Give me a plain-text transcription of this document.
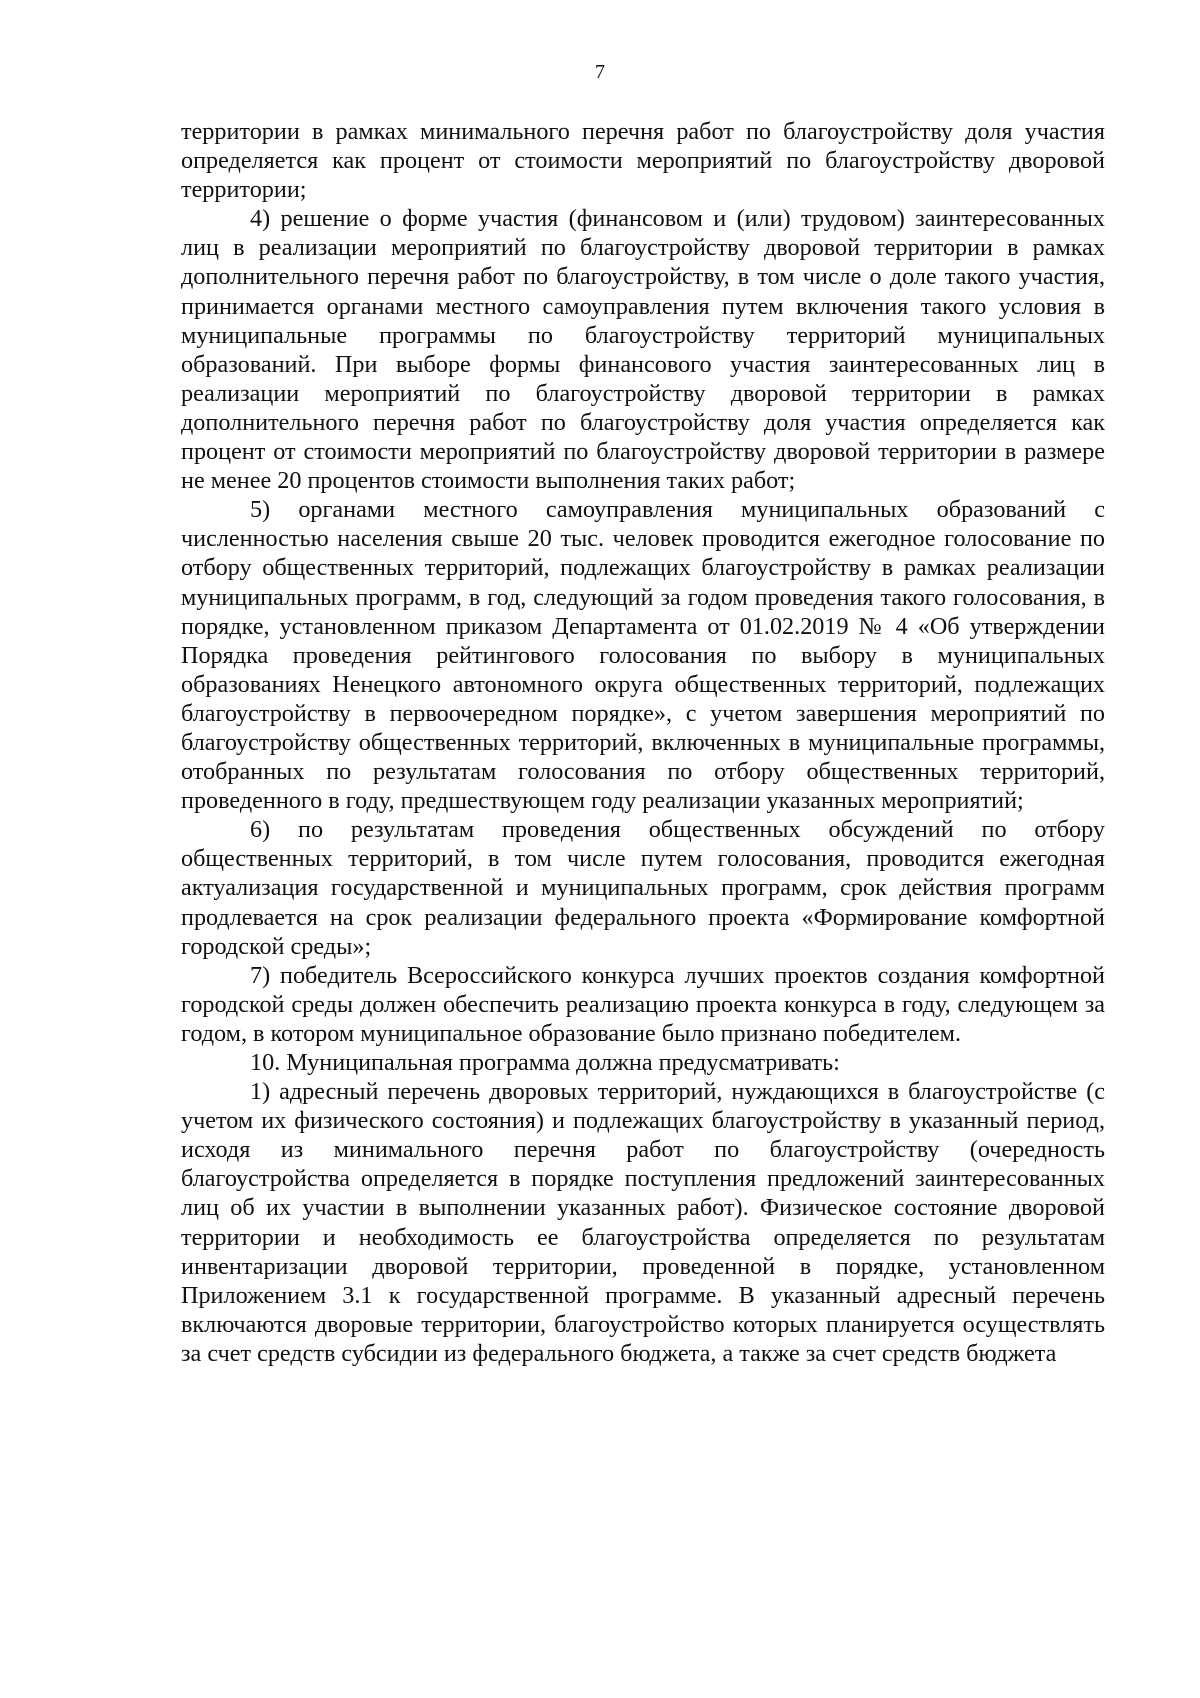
7

территории в рамках минимального перечня работ по благоустройству доля участия определяется как процент от стоимости мероприятий по благоустройству дворовой территории;

4) решение о форме участия (финансовом и (или) трудовом) заинтересованных лиц в реализации мероприятий по благоустройству дворовой территории в рамках дополнительного перечня работ по благоустройству, в том числе о доле такого участия, принимается органами местного самоуправления путем включения такого условия в муниципальные программы по благоустройству территорий муниципальных образований. При выборе формы финансового участия заинтересованных лиц в реализации мероприятий по благоустройству дворовой территории в рамках дополнительного перечня работ по благоустройству доля участия определяется как процент от стоимости мероприятий по благоустройству дворовой территории в размере не менее 20 процентов стоимости выполнения таких работ;

5) органами местного самоуправления муниципальных образований с численностью населения свыше 20 тыс. человек проводится ежегодное голосование по отбору общественных территорий, подлежащих благоустройству в рамках реализации муниципальных программ, в год, следующий за годом проведения такого голосования, в порядке, установленном приказом Департамента от 01.02.2019 № 4 «Об утверждении Порядка проведения рейтингового голосования по выбору в муниципальных образованиях Ненецкого автономного округа общественных территорий, подлежащих благоустройству в первоочередном порядке», с учетом завершения мероприятий по благоустройству общественных территорий, включенных в муниципальные программы, отобранных по результатам голосования по отбору общественных территорий, проведенного в году, предшествующем году реализации указанных мероприятий;

6) по результатам проведения общественных обсуждений по отбору общественных территорий, в том числе путем голосования, проводится ежегодная актуализация государственной и муниципальных программ, срок действия программ продлевается на срок реализации федерального проекта «Формирование комфортной городской среды»;

7) победитель Всероссийского конкурса лучших проектов создания комфортной городской среды должен обеспечить реализацию проекта конкурса в году, следующем за годом, в котором муниципальное образование было признано победителем.

10. Муниципальная программа должна предусматривать:

1) адресный перечень дворовых территорий, нуждающихся в благоустройстве (с учетом их физического состояния) и подлежащих благоустройству в указанный период, исходя из минимального перечня работ по благоустройству (очередность благоустройства определяется в порядке поступления предложений заинтересованных лиц об их участии в выполнении указанных работ). Физическое состояние дворовой территории и необходимость ее благоустройства определяется по результатам инвентаризации дворовой территории, проведенной в порядке, установленном Приложением 3.1 к государственной программе. В указанный адресный перечень включаются дворовые территории, благоустройство которых планируется осуществлять за счет средств субсидии из федерального бюджета, а также за счет средств бюджета
